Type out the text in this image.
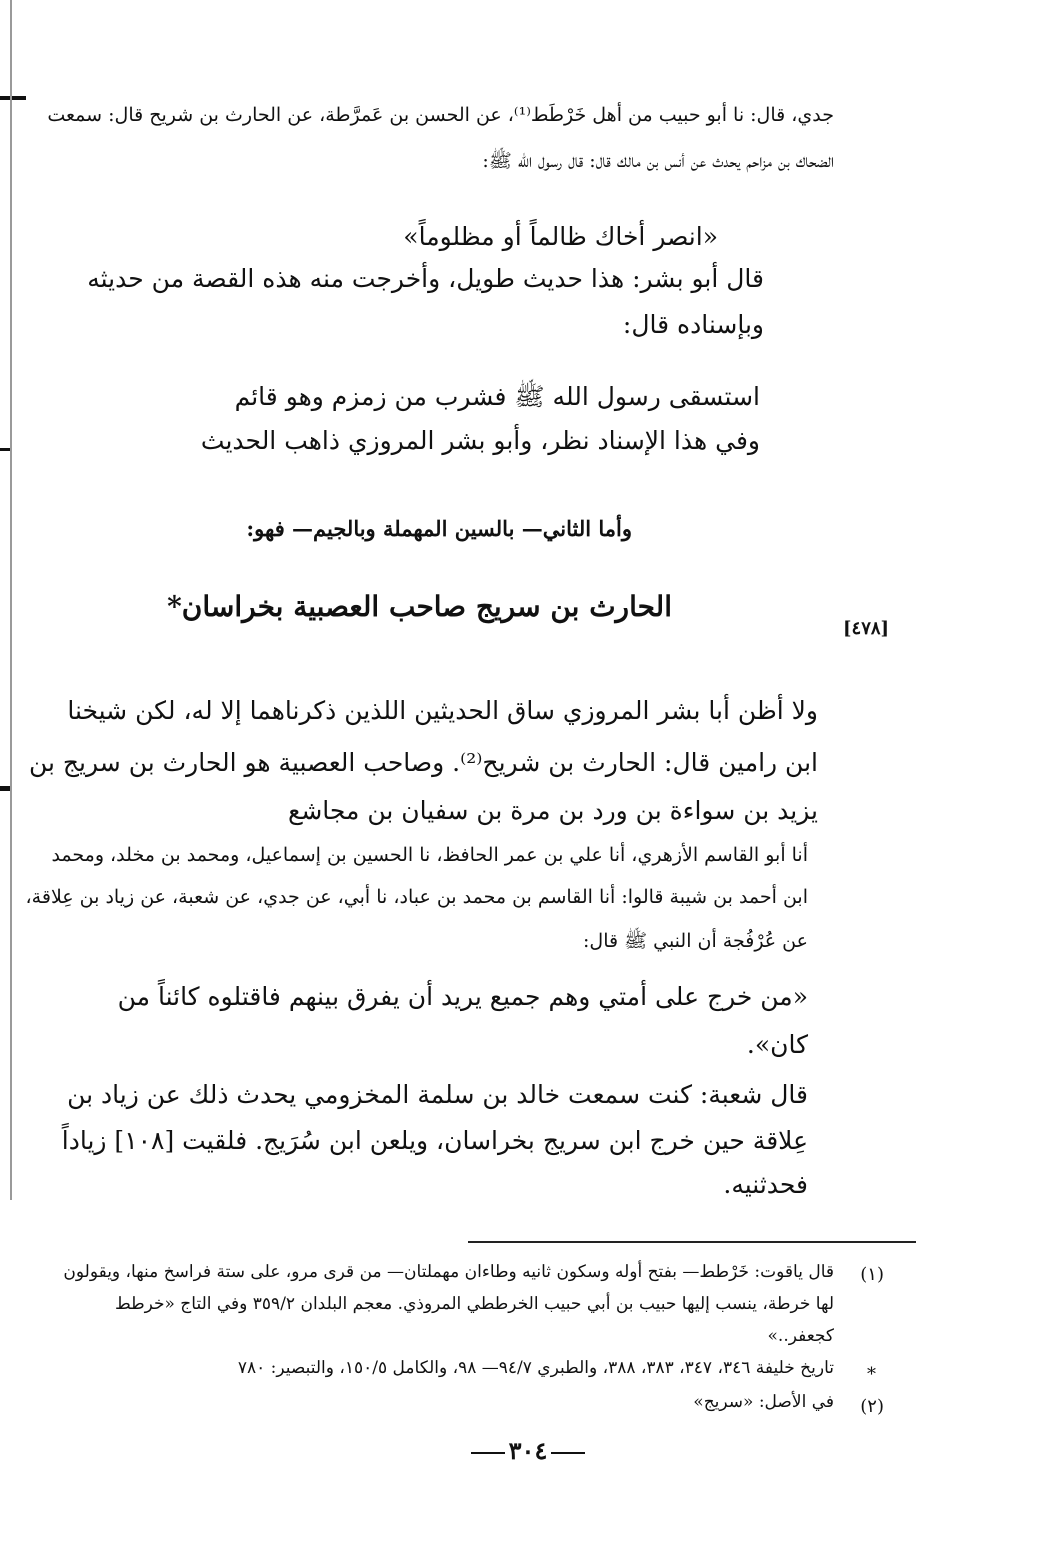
جدي، قال: نا أبو حبيب من أهل خَرْطَط⁽¹⁾، عن الحسن بن عَمرَّطة، عن الحارث بن شريح قال: سمعت
الضحاك بن مزاحم يحدث عن أنس بن مالك قال: قال رسول الله ﷺ:
«انصر أخاك ظالماً أو مظلوماً»
قال أبو بشر: هذا حديث طويل، وأخرجت منه هذه القصة من حديثه
وبإسناده قال:
استسقى رسول الله ﷺ فشرب من زمزم وهو قائم
وفي هذا الإسناد نظر، وأبو بشر المروزي ذاهب الحديث
وأما الثاني— بالسين المهملة وبالجيم— فهو:
الحارث بن سريج صاحب العصبية بخراسان*
[٤٧٨]
ولا أظن أبا بشر المروزي ساق الحديثين اللذين ذكرناهما إلا له، لكن شيخنا
ابن رامين قال: الحارث بن شريح⁽²⁾. وصاحب العصبية هو الحارث بن سريج بن
يزيد بن سواءة بن ورد بن مرة بن سفيان بن مجاشع
أنا أبو القاسم الأزهري، أنا علي بن عمر الحافظ، نا الحسين بن إسماعيل، ومحمد بن مخلد، ومحمد
ابن أحمد بن شيبة قالوا: أنا القاسم بن محمد بن عباد، نا أبي، عن جدي، عن شعبة، عن زياد بن عِلاقة،
عن عُرْفُجة أن النبي ﷺ قال:
«من خرج على أمتي وهم جميع يريد أن يفرق بينهم فاقتلوه كائناً من
كان».
قال شعبة: كنت سمعت خالد بن سلمة المخزومي يحدث ذلك عن زياد بن
عِلاقة حين خرج ابن سريج بخراسان، ويلعن ابن سُرَيج. فلقيت [١٠٨] زياداً
فحدثنيه.
(١)
قال ياقوت: خَرْطط— بفتح أوله وسكون ثانيه وطاءان مهملتان— من قرى مرو، على ستة فراسخ منها، ويقولون
لها خرطة، ينسب إليها حبيب بن أبي حبيب الخرططي المروذي. معجم البلدان ٣٥٩/٢ وفي التاج «خرطط
كجعفر..»
*
تاريخ خليفة ٣٤٦، ٣٤٧، ٣٨٣، ٣٨٨، والطبري ٩٤/٧— ٩٨، والكامل ١٥٠/٥، والتبصير: ٧٨٠
(٢)
في الأصل: «سريج»
٣٠٤
